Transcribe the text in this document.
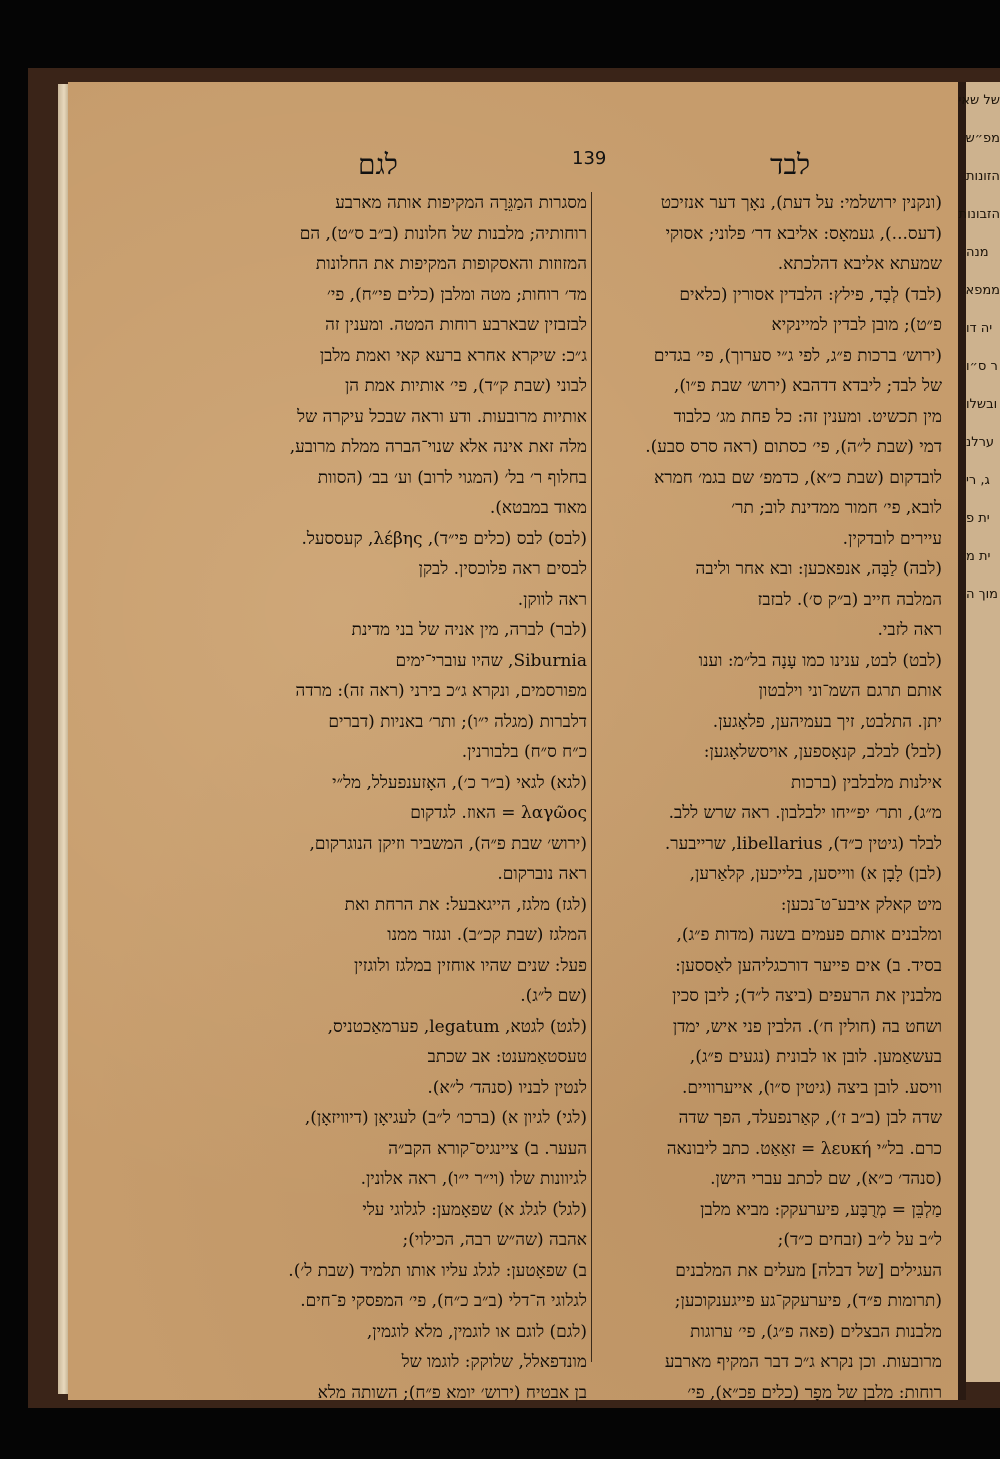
של שאי
מפ״ש
הזונות
הזבונות
מנה
ממפא
יה דו
ר ס״ו
ובשלו
ערלנ
ג, רי
ית פ
ית מ
מוך ה
לגם	139	לבד
(ונקנין ירושלמי: על דעת), נאָך דער אנזיכט
(דעס...), געמאָס: אליבא דר׳ פלוני; אסוקי
שמעתא אליבא דהלכתא.
(לבד) לְבָד, פילץ: הלבדין אסורין (כלאים
פ״ט); מובן לבדין למיינקיא
(ירוש׳ ברכות פ״ג, לפי ג״י סערוך), פי׳ בגדים
של לבד; ליבדא דדהבא (ירוש׳ שבת פ״ו),
מין תכשיט. ומענין זה: כל פחת מג׳ כלבוד
דמי (שבת ל״ה), פי׳ כסתום (ראה סרס סבע).
לובדקום (שבת כ״א), כדמפ׳ שם בגמ׳ חמרא
לובא, פי׳ חמור ממדינת לוב; תר׳
עיירים לובדקין.
(לבה) לַבָּה, אנפאכען: ובא אחר וליבה
המלבה חייב (ב״ק ס׳). לבזבז
ראה לזבי.
(לבט) לבט, ענינו כמו עָנָה בל״מ: וענו
אותם תרגם השמ־וני וילבטון
יתן. התלבט, זיך בעמיהען, פלאָגען.
(לבל) לבלב, קנאָספען, אויסשלאָגען:
אילנות מלבלבין (ברכות
מ״ג), ותר׳ יפ״יחו ילבלבון. ראה שרש ללב.
לבלר (גיטין כ״ד), libellarius, שרייבער.
(לבן) לָבָן א) ווייסען, בלייכען, קלאַרען,
מיט קאלק איבע־ט־נכען:
ומלבנים אותם פעמים בשנה (מדות פ״ג),
בסיד. ב) אים פייער דורכגליהען לאַססען:
מלבנין את הרעפים (ביצה ל״ד); ליבן סכין
ושחט בה (חולין ח׳). הלבין פני איש, ימדן
בעשאַמען. לובן או לבונית (נגעים פ״ג),
וויסע. לובן ביצה (גיטין ס״ו), אייערוויים.
שדה לבן (ב״ב ז׳), קאַרנפעלד, הפך שדה
כרם. בל״י λευκή = זאַאַט. כתב ליבונאה
(סנהד׳ כ״א), שם לכתב עברי הישן.
מַלְבֵּן = מְרֻבָּע, פיערעקק: מביא מלבן
ל״ב על ל״ב (זבחים כ״ד);
העגילים [של דבלה] מעלים את המלבנים
(תרומות פ״ד), פיערעקק־גע פייגענקוכען;
מלבנות הבצלים (פאה פ״ג), פי׳ ערוגות
מרובעות. וכן נקרא ג״כ דבר המקיף מארבע
רוחות: מלבן של מפָר (כלים פכ״א), פי׳
מסגרות המַגֵּרָה המקיפות אותה מארבע
רוחותיה; מלבנות של חלונות (ב״ב ס״ט), הם
המזוזות והאסקופות המקיפות את החלונות
מד׳ רוחות; מטה ומלבן (כלים פי״ח), פי׳
לבזבזין שבארבע רוחות המטה. ומענין זה
ג״כ: שיקרא אחרא ברעא קאי ואמת מלבן
לבוני (שבת ק״ד), פי׳ אותיות אמת הן
אותיות מרובעות. ודע וראה שבכל עיקרה של
מלה זאת אינה אלא שנוי־הברה ממלת מרובע,
בחלוף ר׳ בל׳ (המגוי לרוב) וע׳ בב׳ (הסוות
מאוד במבטא).
(לבס) לבס (כלים פי״ד), λέβης, קעססעל.
לבסים ראה פלוכסין. לבקן
ראה לווקן.
(לבר) לברה, מין אניה של בני מדינת
Siburnia, שהיו עוברי־ימים
מפורסמים, ונקרא ג״כ בירני (ראה זה): מרדה
דלברות (מגלה י״ו); ותר׳ באניות (דברים
כ״ח ס״ח) בלבורנין.
(לגא) לגאי (ב״ר כ׳), האָזענפעלל, מל״י
λαγῶος = האוז. לגדקום
(ירוש׳ שבת פ״ה), המשביר וזיקן הנוגרקום,
ראה נוברקום.
(לגז) מלגז, הייגאבעל: את הרחת ואת
המלגז (שבת קכ״ב). ונגזר ממנו
פעל: שנים שהיו אוחזין במלגז ולוגזין
(שם ל״ג).
(לגט) לגטא, legatum, פערמאַכטניס,
טעסטאַמענט: אב שכתב
לנטין לבניו (סנהד׳ ל״א).
(לגי) לגיון א) (ברכו׳ ל״ב) לעגיאָן (דיוויזאָן),
העער. ב) ציינגיס־קורא הקב״ה
לגיוונות שלו (וי״ר י״ו), ראה אלונין.
(לגל) לגלג א) שפאָמען: לגלוגי עלי
אהבה (שה״ש רבה, הכילוי);
ב) שפאָטען: לגלג עליו אותו תלמיד (שבת ל׳).
לגלוגי ה־דלי (ב״ב כ״ח), פי׳ המפסקי פ־חים.
(לגם) לוגם או לוגמין, מלא לוגמין,
מונדפאלל, שלוקק: לוגמו של
בן אבטיח (ירוש׳ יומא פ״ח); השותה מלא
